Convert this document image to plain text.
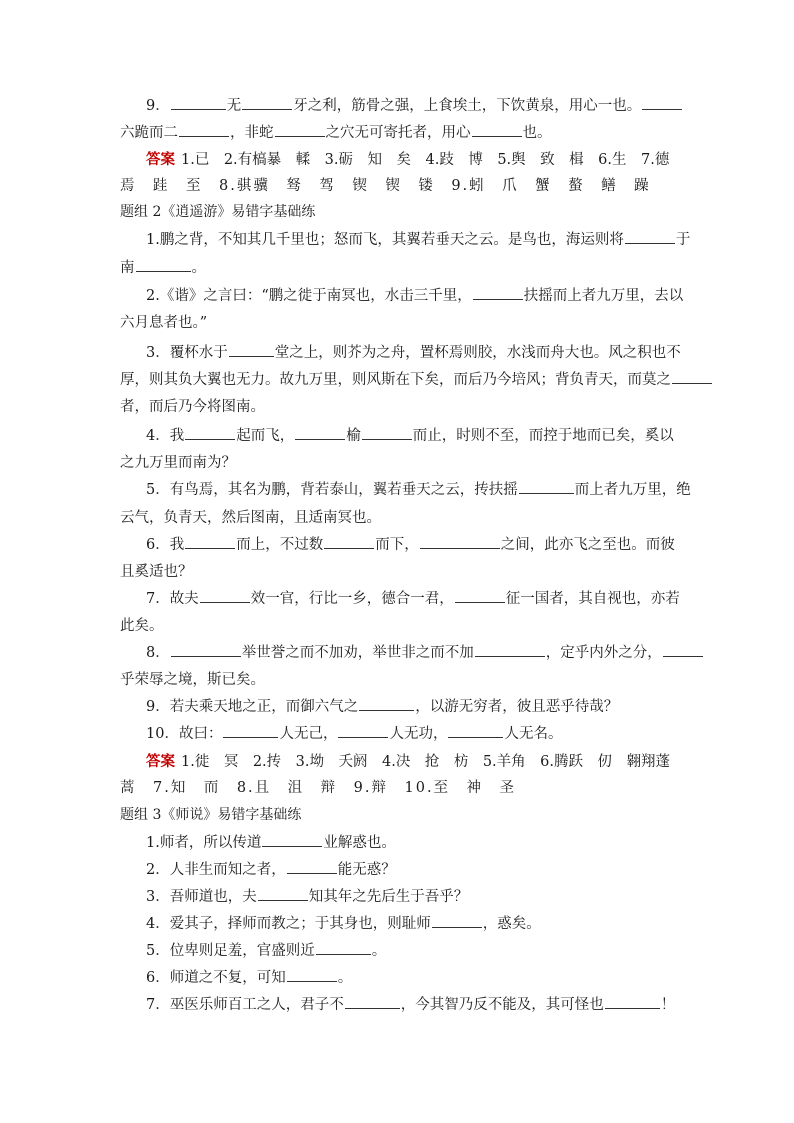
9．	无	牙之利，筋骨之强，上食埃土，下饮黄泉，用心一也。
六跪而二	，非蛇	之穴无可寄托者，用心	也。
答案 1.已　2.有槁暴　輮　3.砺　知　矣　4.跂　博　5.舆　致　楫　6.生　7.德
焉　跬　至　8.骐骥　驽　驾　锲　锲　镂　9.蚓　爪　蟹　螯　鳝　躁
题组 2《逍遥游》易错字基础练
1.鹏之背，不知其几千里也；怒而飞，其翼若垂天之云。是鸟也，海运则将	于
南	。
2.《谐》之言曰：“鹏之徙于南冥也，水击三千里，	扶摇而上者九万里，去以
六月息者也。”
3．覆杯水于	堂之上，则芥为之舟，置杯焉则胶，水浅而舟大也。风之积也不
厚，则其负大翼也无力。故九万里，则风斯在下矣，而后乃今培风；背负青天，而莫之
者，而后乃今将图南。
4．我	起而飞，	榆	而止，时则不至，而控于地而已矣，奚以
之九万里而南为？
5．有鸟焉，其名为鹏，背若泰山，翼若垂天之云，抟扶摇	而上者九万里，绝
云气，负青天，然后图南，且适南冥也。
6．我	而上，不过数	而下，	之间，此亦飞之至也。而彼
且奚适也？
7．故夫	效一官，行比一乡，德合一君，	征一国者，其自视也，亦若
此矣。
8．	举世誉之而不加劝，举世非之而不加	，定乎内外之分，
乎荣辱之境，斯已矣。
9．若夫乘天地之正，而御六气之	，以游无穷者，彼且恶乎待哉？
10．故曰：	人无己，	人无功，	人无名。
答案 1.徙　冥　2.抟　3.坳　夭阏　4.决　抢　枋　5.羊角　6.腾跃　仞　翱翔蓬
蒿　7.知　而　8.且　沮　辩　9.辩　10.至　神　圣
题组 3《师说》易错字基础练
1.师者，所以传道	业解惑也。
2．人非生而知之者，	能无惑？
3．吾师道也，夫	知其年之先后生于吾乎？
4．爱其子，择师而教之；于其身也，则耻师	，惑矣。
5．位卑则足羞，官盛则近	。
6．师道之不复，可知	。
7．巫医乐师百工之人，君子不	，今其智乃反不能及，其可怪也	！
